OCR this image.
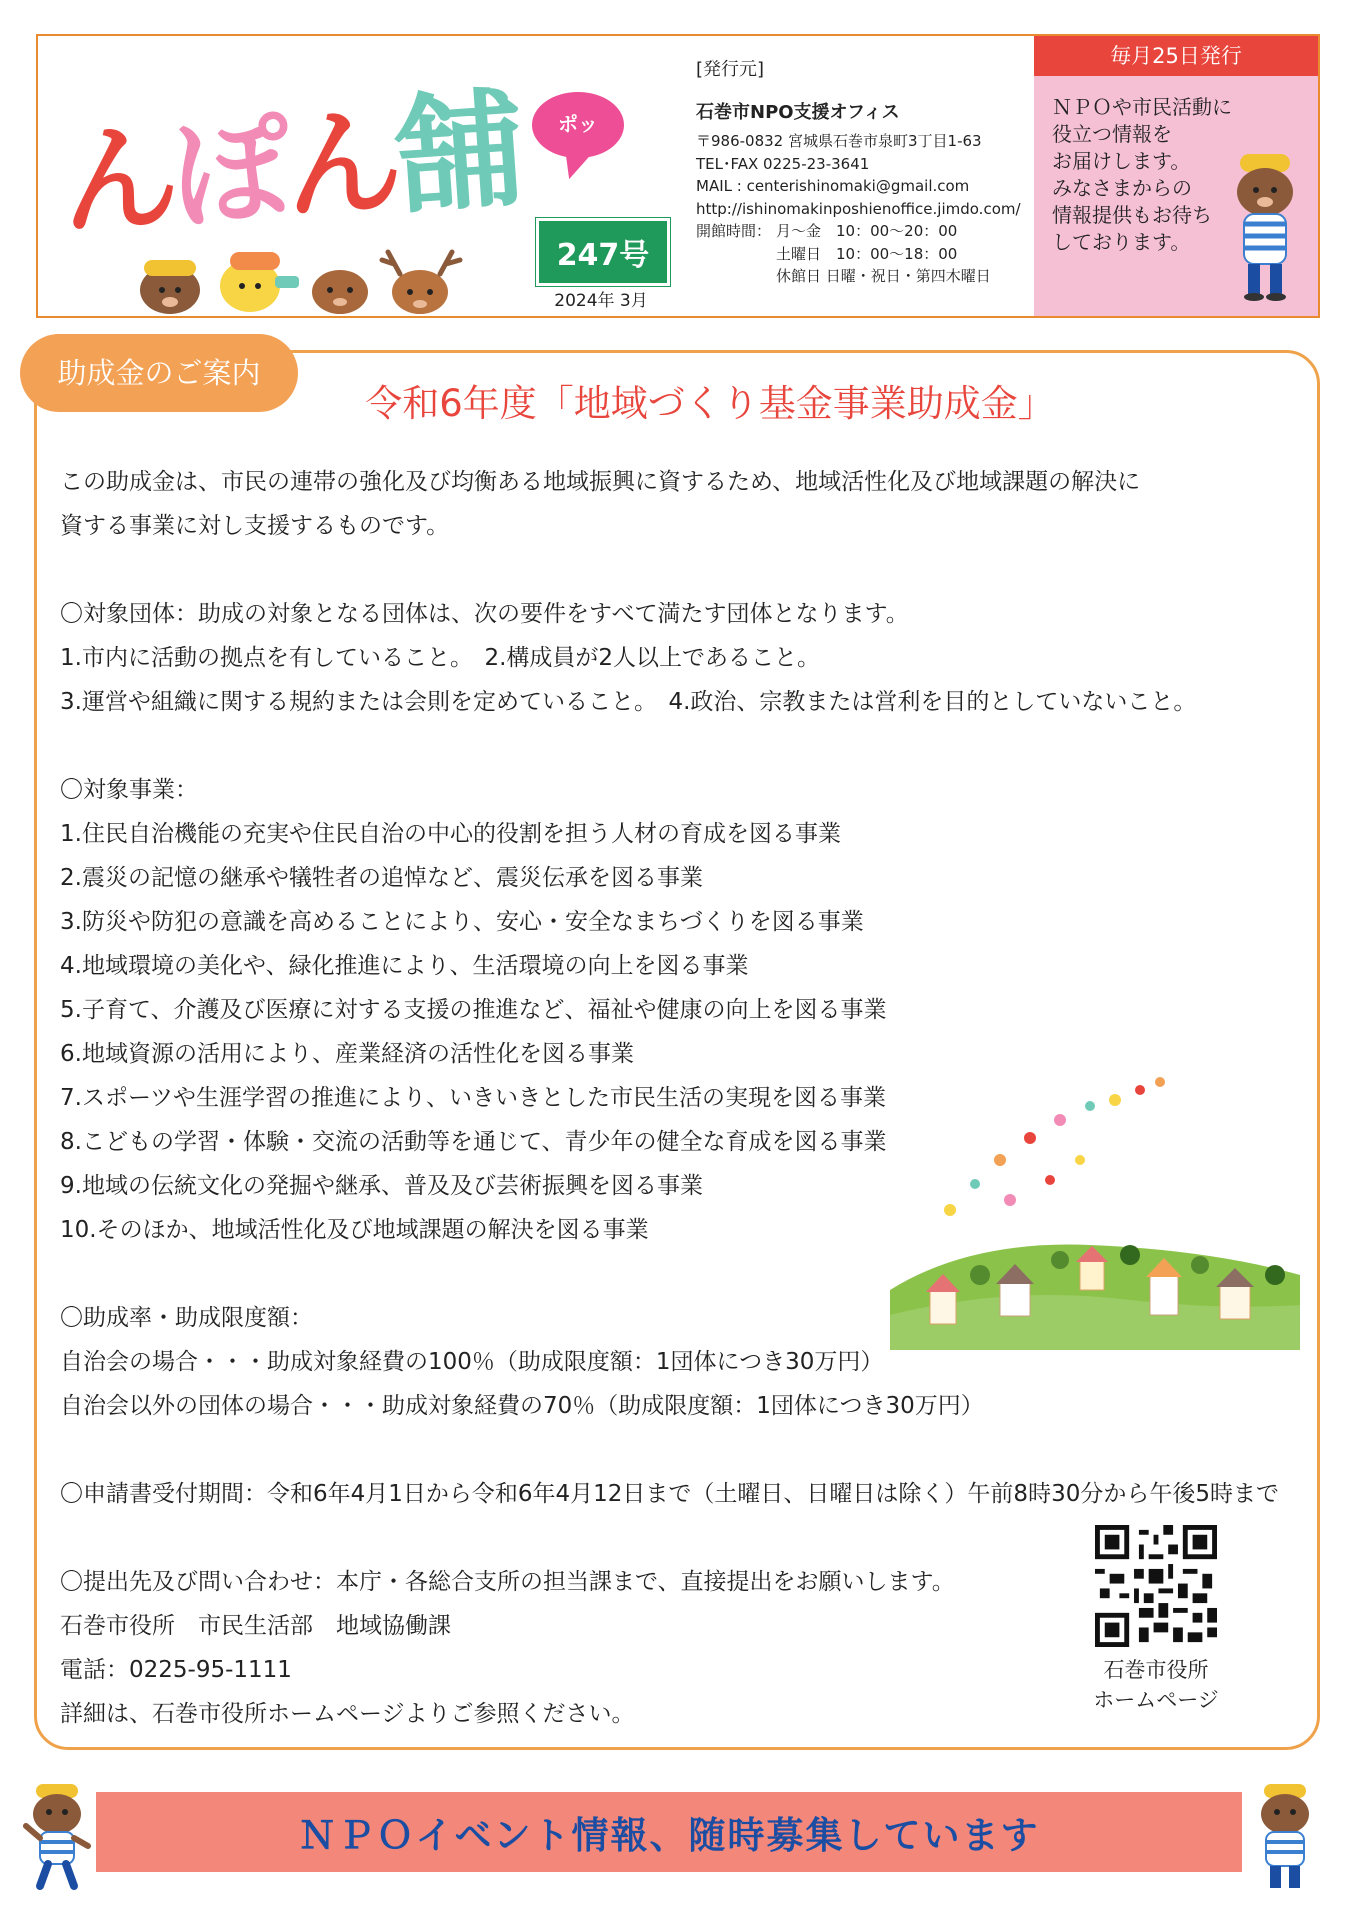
んぽん舗	ポッ
247号
2024年 3月
[発行元]
石巻市NPO支援オフィス
〒986-0832 宮城県石巻市泉町3丁目1-63
TEL･FAX 0225-23-3641
MAIL : centerishinomaki@gmail.com
http://ishinomakinposhienoffice.jimdo.com/
開館時間： 月～金　10：00～20：00
土曜日　10：00～18：00
休館日 日曜・祝日・第四木曜日
毎月25日発行
ＮＰＯや市民活動に
役立つ情報を
お届けします。
みなさまからの
情報提供もお待ち
しております。
助成金のご案内
令和6年度「地域づくり基金事業助成金」

この助成金は、市民の連帯の強化及び均衡ある地域振興に資するため、地域活性化及び地域課題の解決に

資する事業に対し支援するものです。

〇対象団体：助成の対象となる団体は、次の要件をすべて満たす団体となります。

1.市内に活動の拠点を有していること。　2.構成員が2人以上であること。

3.運営や組織に関する規約または会則を定めていること。　4.政治、宗教または営利を目的としていないこと。

〇対象事業：

1.住民自治機能の充実や住民自治の中心的役割を担う人材の育成を図る事業

2.震災の記憶の継承や犠牲者の追悼など、震災伝承を図る事業

3.防災や防犯の意識を高めることにより、安心・安全なまちづくりを図る事業

4.地域環境の美化や、緑化推進により、生活環境の向上を図る事業

5.子育て、介護及び医療に対する支援の推進など、福祉や健康の向上を図る事業

6.地域資源の活用により、産業経済の活性化を図る事業

7.スポーツや生涯学習の推進により、いきいきとした市民生活の実現を図る事業

8.こどもの学習・体験・交流の活動等を通じて、青少年の健全な育成を図る事業

9.地域の伝統文化の発掘や継承、普及及び芸術振興を図る事業

10.そのほか、地域活性化及び地域課題の解決を図る事業

〇助成率・助成限度額：

自治会の場合・・・助成対象経費の100％（助成限度額：1団体につき30万円）

自治会以外の団体の場合・・・助成対象経費の70％（助成限度額：1団体につき30万円）

〇申請書受付期間：令和6年4月1日から令和6年4月12日まで（土曜日、日曜日は除く）午前8時30分から午後5時まで

〇提出先及び問い合わせ：本庁・各総合支所の担当課まで、直接提出をお願いします。

石巻市役所　市民生活部　地域協働課

電話：0225-95-1111

詳細は、石巻市役所ホームページよりご参照ください。

石巻市役所
ホームページ
ＮＰＯイベント情報、随時募集しています
